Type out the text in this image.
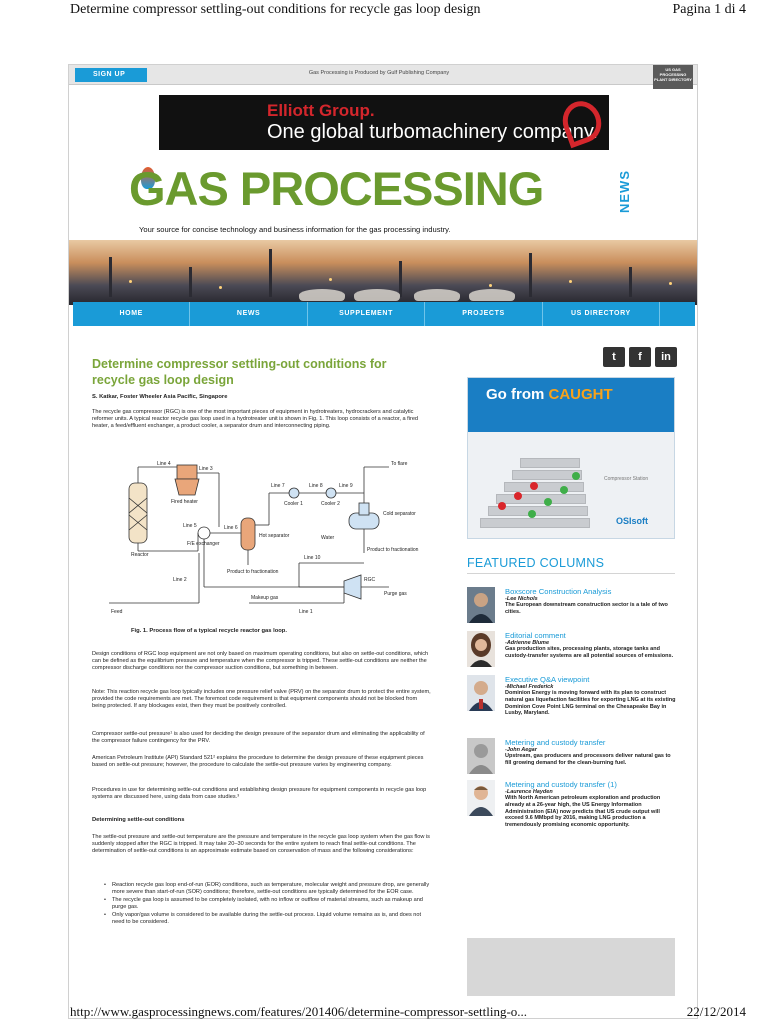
Determine compressor settling-out conditions for recycle gas loop design	Pagina 1 di 4
SIGN UP	Gas Processing is Produced by Gulf Publishing Company
US GAS PROCESSING PLANT DIRECTORY
Elliott Group.
One global turbomachinery company.
GAS PROCESSING	NEWS
Your source for concise technology and business information for the gas processing industry.
HOME	NEWS	SUPPLEMENT	PROJECTS	US DIRECTORY
t	f	in
Determine compressor settling-out conditions for recycle gas loop design
S. Katkar, Foster Wheeler Asia Pacific, Singapore
The recycle gas compressor (RGC) is one of the most important pieces of equipment in hydrotreaters, hydrocrackers and catalytic reformer units. A typical reactor recycle gas loop used in a hydrotreater unit is shown in Fig. 1. This loop consists of a reactor, a fired heater, a feed/effluent exchanger, a product cooler, a separator drum and interconnecting piping.
Line 4
Line 3
Fired heater
Reactor
Line 5
F/E exchanger
Line 6
Hot separator
Line 7	Line 8	Line 9
Cooler 1	Cooler 2
Cold separator
Water
To flare
Product to fractionation
Product to fractionation
Line 10
Line 2
Makeup gas
RGC
Purge gas
Feed	Line 1
Fig. 1. Process flow of a typical recycle reactor gas loop.
Design conditions of RGC loop equipment are not only based on maximum operating conditions, but also on settle-out conditions, which can be defined as the equilibrium pressure and temperature when the compressor is tripped. These settle-out conditions are neither the compressor discharge conditions nor the compressor suction conditions, but something in between.
Note: This reaction recycle gas loop typically includes one pressure relief valve (PRV) on the separator drum to protect the entire system, provided the code requirements are met. The foremost code requirement is that equipment components should not be blocked from being protected. If any blockages exist, then they must be positively controlled.
Compressor settle-out pressure¹ is also used for deciding the design pressure of the separator drum and eliminating the applicability of the compressor failure contingency for the PRV.
American Petroleum Institute (API) Standard 521² explains the procedure to determine the design pressure of these equipment pieces based on settle-out pressure; however, the procedure to calculate the settle-out pressure varies by engineering company.
Procedures in use for determining settle-out conditions and establishing design pressure for equipment components in recycle gas loop systems are discussed here, using data from case studies.³
Determining settle-out conditions
The settle-out pressure and settle-out temperature are the pressure and temperature in the recycle gas loop system when the gas flow is suddenly stopped after the RGC is tripped. It may take 20–30 seconds for the entire system to reach final settle-out conditions. The determination of settle-out conditions is an approximate estimate based on conservation of mass and the following considerations:
• Reaction recycle gas loop end-of-run (EOR) conditions, such as temperature, molecular weight and pressure drop, are generally more severe than start-of-run (SOR) conditions; therefore, settle-out conditions are typically determined for the EOR case.
• The recycle gas loop is assumed to be completely isolated, with no inflow or outflow of material streams, such as makeup and purge gas.
• Only vapor/gas volume is considered to be available during the settle-out process. Liquid volume remains as is, and does not need to be considered.
Go from CAUGHT
Compressor Station
OSIsoft
FEATURED COLUMNS
Boxscore Construction Analysis
-Lee Nichols
The European downstream construction sector is a tale of two cities.
Editorial comment
-Adrienne Blume
Gas production sites, processing plants, storage tanks and custody-transfer systems are all potential sources of emissions.
Executive Q&A viewpoint
-Michael Frederick
Dominion Energy is moving forward with its plan to construct natural gas liquefaction facilities for exporting LNG at its existing Dominion Cove Point LNG terminal on the Chesapeake Bay in Lusby, Maryland.
Metering and custody transfer
-John Aegar
Upstream, gas producers and processors deliver natural gas to fill growing demand for the clean-burning fuel.
Metering and custody transfer (1)
-Laurence Hayden
With North American petroleum exploration and production already at a 26-year high, the US Energy Information Administration (EIA) now predicts that US crude output will exceed 9.6 MMbpd by 2016, making LNG production a tremendously promising economic opportunity.
http://www.gasprocessingnews.com/features/201406/determine-compressor-settling-o...	22/12/2014
